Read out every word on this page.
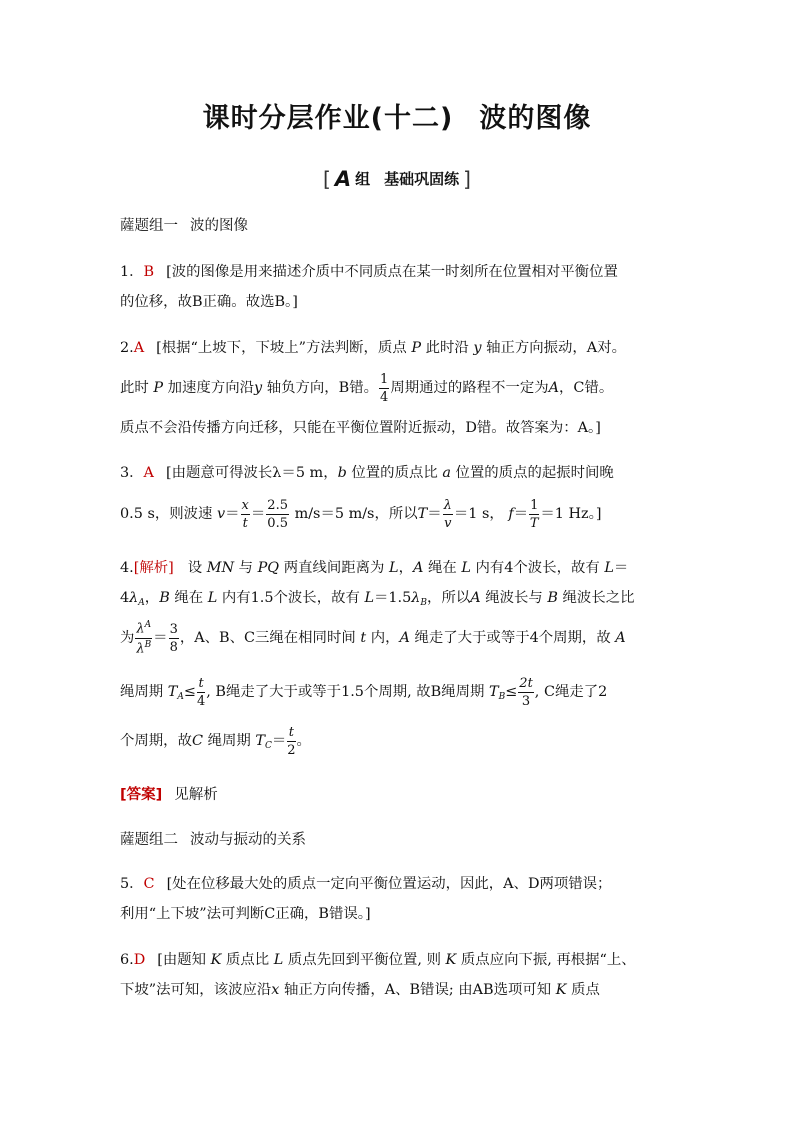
课时分层作业(十二) 波的图像
[ A 组 基础巩固练 ]
薩题组一 波的图像
1．B [波的图像是用来描述介质中不同质点在某一时刻所在位置相对平衡位置
的位移，故B正确。故选B。]
2.A [根据“上坡下，下坡上”方法判断，质点 P 此时沿 y 轴正方向振动，A对。
此时 P 加速度方向沿y 轴负方向，B错。 $\frac{1}{4}$ 周期通过的路程不一定为A，C错。
质点不会沿传播方向迁移，只能在平衡位置附近振动，D错。故答案为：A。]
3．A [由题意可得波长λ＝5 m，b 位置的质点比 a 位置的质点的起振时间晚
0.5 s，则波速 $v= \frac{x}{t} = \frac{2.5}{0.5} m/s=5$ m/s，所以$T= \frac{\lambda}{v} =1$ s， $f= \frac{1}{T} =1$ Hz。]
4.[解析] 设 MN 与 PQ 两直线间距离为 L，A 绳在 L 内有4个波长，故有 L＝
$4\lambda_A$，B 绳在 L 内有1.5个波长，故有 $L=1.5\lambda_B$，所以A 绳波长与 B 绳波长之比
为 $\frac{\lambda^A}{\lambda^B} = \frac{3}{8}$ ，A、B、C三绳在相同时间 t 内，A 绳走了大于或等于4个周期，故 A
绳周期 $T_A\le \frac{t}{4}$ , B绳走了大于或等于1.5个周期, 故B绳周期 $T_B\le \frac{2t}{3}$ , C绳走了2
个周期，故C 绳周期 $T_C= \frac{t}{2}$ 。
[答案] 见解析
薩题组二 波动与振动的关系
5．C [处在位移最大处的质点一定向平衡位置运动，因此，A、D两项错误；
利用“上下坡”法可判断C正确，B错误。]
6.D [由题知 K 质点比 L 质点先回到平衡位置, 则 K 质点应向下振, 再根据“上、
下坡”法可知，该波应沿x 轴正方向传播，A、B错误; 由AB选项可知 K 质点
